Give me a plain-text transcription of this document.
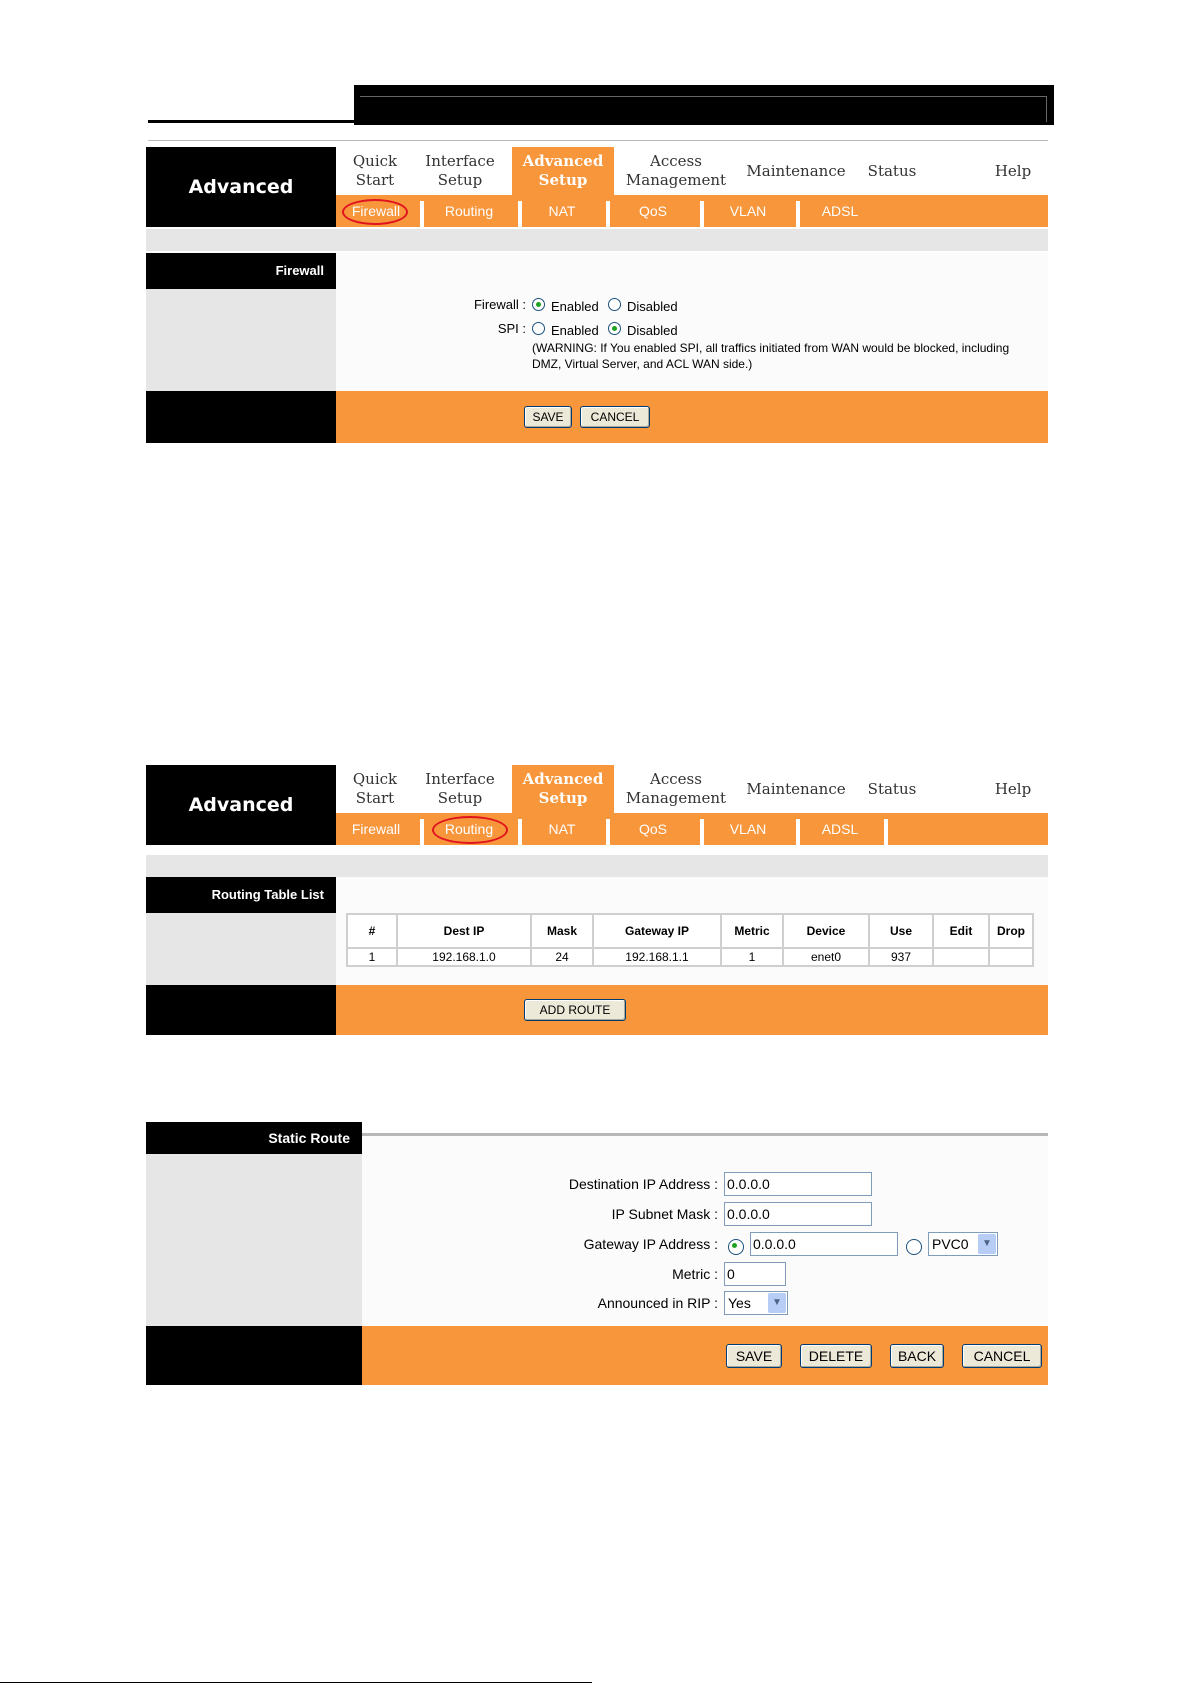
Advanced
Quick
Start
Interface
Setup
Advanced
Setup
Access
Management
Maintenance Status	Help
Firewall	Routing	NAT	QoS	VLAN	ADSL
Firewall
Firewall : Enabled Disabled
SPI : Enabled Disabled
(WARNING: If You enabled SPI, all traffics initiated from WAN would be blocked, including
DMZ, Virtual Server, and ACL WAN side.)
SAVE	CANCEL
Advanced
Quick
Start
Interface
Setup
Advanced
Setup
Access
Management
Maintenance Status	Help
Firewall	Routing	NAT	QoS	VLAN	ADSL
Routing Table List
#	Dest IP	Mask	Gateway IP	Metric	Device	Use	Edit	Drop
1	192.168.1.0	24	192.168.1.1	1	enet0	937		
ADD ROUTE
Static Route
Destination IP Address : 0.0.0.0
IP Subnet Mask : 0.0.0.0
Gateway IP Address :	0.0.0.0	PVC0	▼
Metric : 0
Announced in RIP : Yes	▼
SAVE	DELETE	BACK	CANCEL
